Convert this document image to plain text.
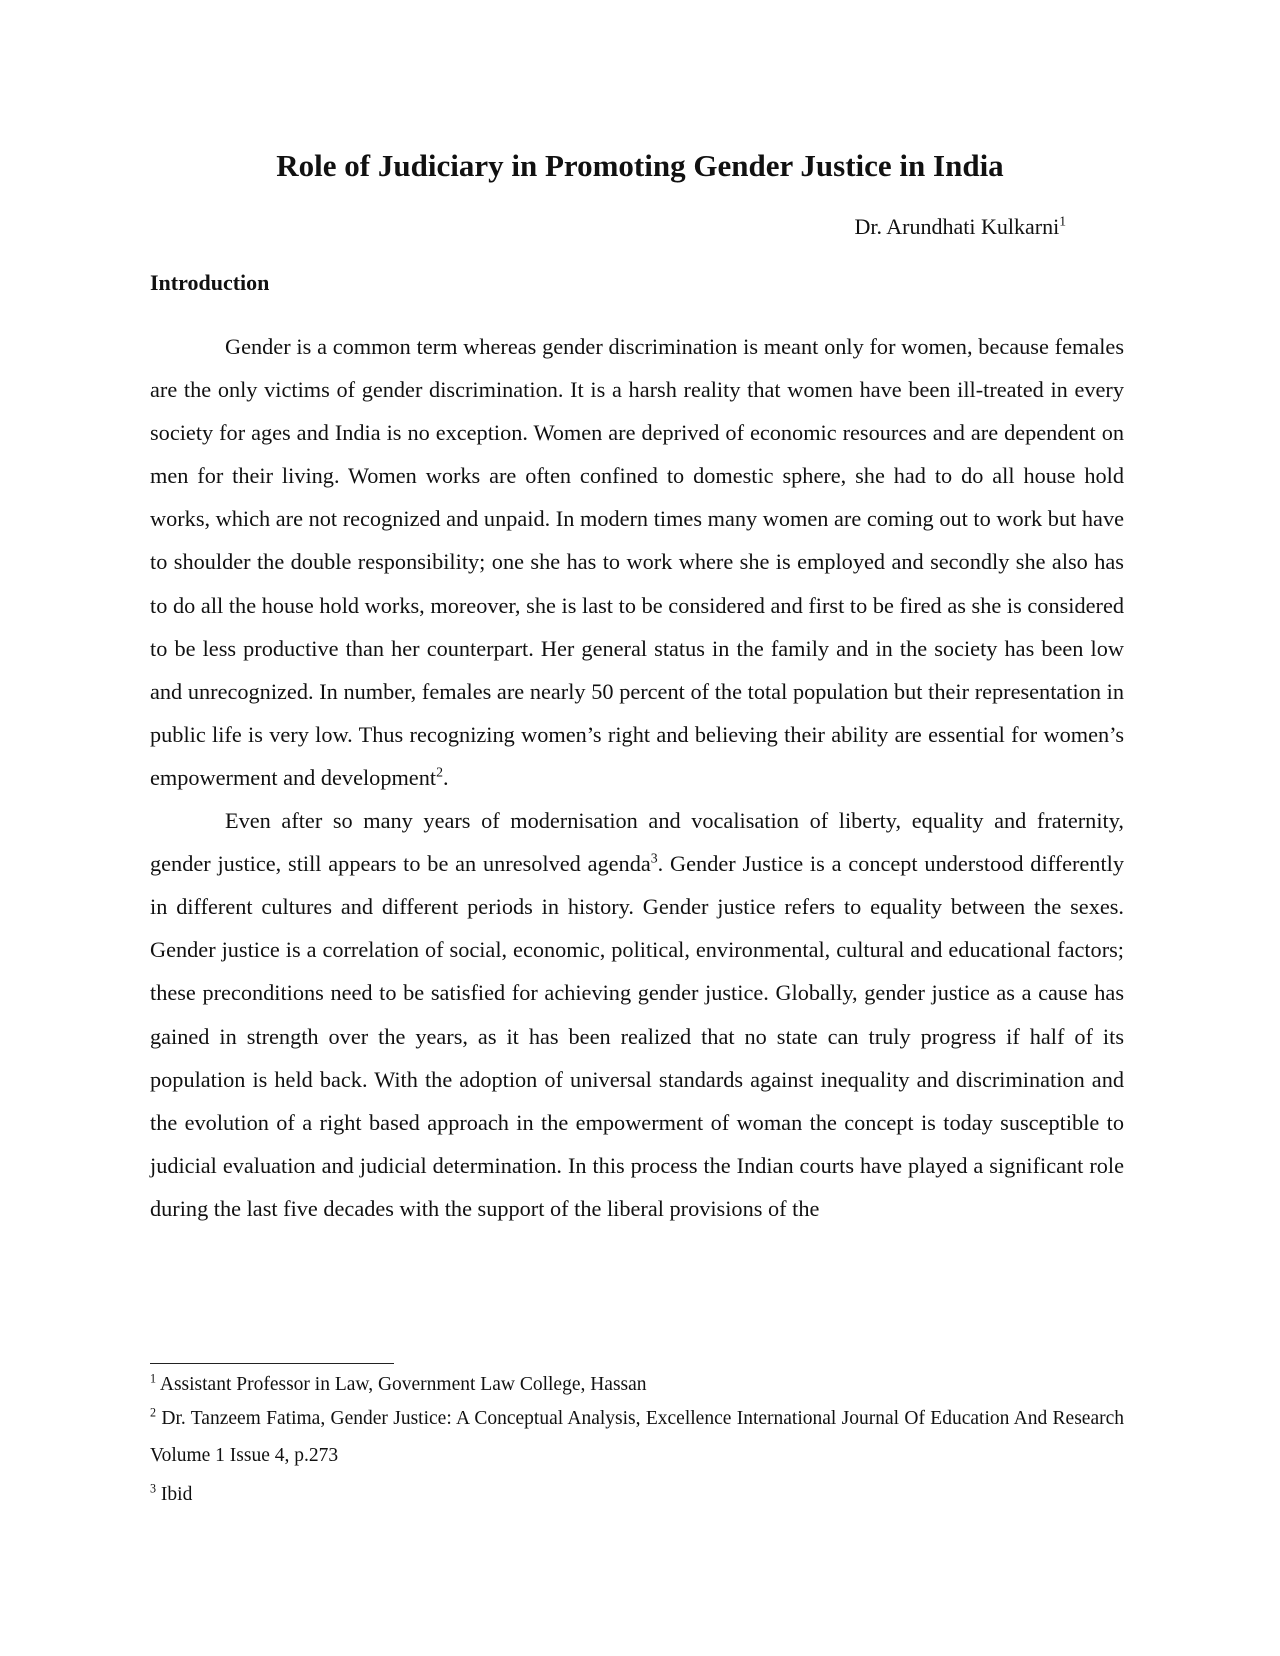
Role of Judiciary in Promoting Gender Justice in India
Dr. Arundhati Kulkarni$^1$
Introduction

Gender is a common term whereas gender discrimination is meant only for women, because females are the only victims of gender discrimination. It is a harsh reality that women have been ill-treated in every society for ages and India is no exception. Women are deprived of economic resources and are dependent on men for their living. Women works are often confined to domestic sphere, she had to do all house hold works, which are not recognized and unpaid. In modern times many women are coming out to work but have to shoulder the double responsibility; one she has to work where she is employed and secondly she also has to do all the house hold works, moreover, she is last to be considered and first to be fired as she is considered to be less productive than her counterpart. Her general status in the family and in the society has been low and unrecognized. In number, females are nearly 50 percent of the total population but their representation in public life is very low. Thus recognizing women’s right and believing their ability are essential for women’s empowerment and development$^2$.

Even after so many years of modernisation and vocalisation of liberty, equality and fraternity, gender justice, still appears to be an unresolved agenda$^3$. Gender Justice is a concept understood differently in different cultures and different periods in history. Gender justice refers to equality between the sexes. Gender justice is a correlation of social, economic, political, environmental, cultural and educational factors; these preconditions need to be satisfied for achieving gender justice. Globally, gender justice as a cause has gained in strength over the years, as it has been realized that no state can truly progress if half of its population is held back. With the adoption of universal standards against inequality and discrimination and the evolution of a right based approach in the empowerment of woman the concept is today susceptible to judicial evaluation and judicial determination. In this process the Indian courts have played a significant role during the last five decades with the support of the liberal provisions of the

$^1$ Assistant Professor in Law, Government Law College, Hassan

$^2$ Dr. Tanzeem Fatima, Gender Justice: A Conceptual Analysis, Excellence International Journal Of Education And Research Volume 1 Issue 4, p.273

$^3$ Ibid
